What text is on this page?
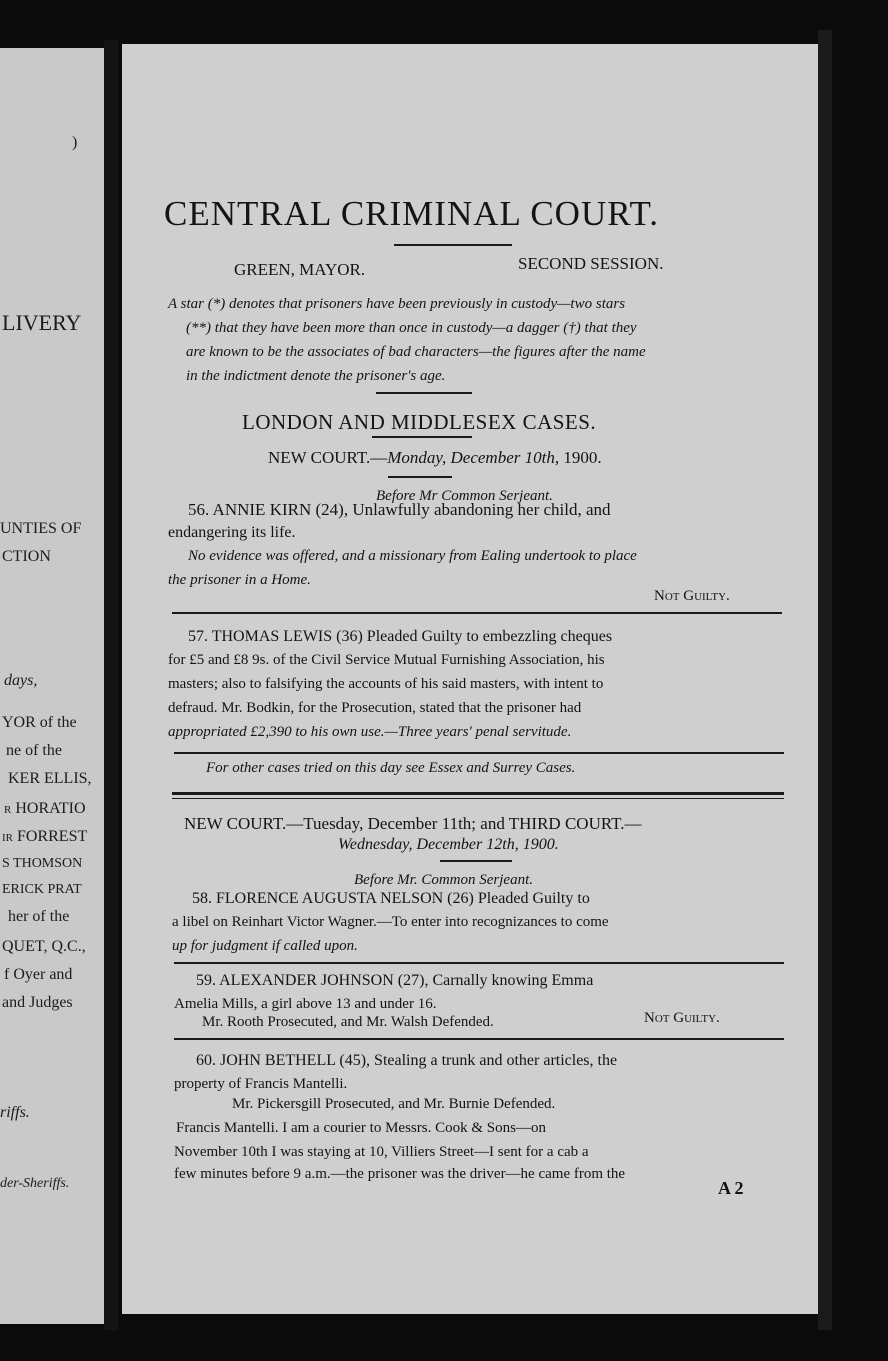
)
LIVERY
UNTIES OF
CTION
days,
YOR of the
ne of the
KER ELLIS,
r HORATIO
ir FORREST
S THOMSON
ERICK PRAT
her of the
QUET, Q.C.,
f Oyer and
and Judges
riffs.
der-Sheriffs.
CENTRAL CRIMINAL COURT.
GREEN, MAYOR.	SECOND SESSION.
A star (*) denotes that prisoners have been previously in custody—two stars
(**) that they have been more than once in custody—a dagger (†) that they
are known to be the associates of bad characters—the figures after the name
in the indictment denote the prisoner's age.
LONDON AND MIDDLESEX CASES.
NEW COURT.—Monday, December 10th, 1900.
Before Mr Common Serjeant.
56. ANNIE KIRN (24), Unlawfully abandoning her child, and
endangering its life.
No evidence was offered, and a missionary from Ealing undertook to place
the prisoner in a Home.
Not Guilty.
57. THOMAS LEWIS (36) Pleaded Guilty to embezzling cheques
for £5 and £8 9s. of the Civil Service Mutual Furnishing Association, his
masters; also to falsifying the accounts of his said masters, with intent to
defraud. Mr. Bodkin, for the Prosecution, stated that the prisoner had
appropriated £2,390 to his own use.—Three years' penal servitude.
For other cases tried on this day see Essex and Surrey Cases.
NEW COURT.—Tuesday, December 11th; and THIRD COURT.—
Wednesday, December 12th, 1900.
Before Mr. Common Serjeant.
58. FLORENCE AUGUSTA NELSON (26) Pleaded Guilty to
a libel on Reinhart Victor Wagner.—To enter into recognizances to come
up for judgment if called upon.
59. ALEXANDER JOHNSON (27), Carnally knowing Emma
Amelia Mills, a girl above 13 and under 16.
Mr. Rooth Prosecuted, and Mr. Walsh Defended.	Not Guilty.
60. JOHN BETHELL (45), Stealing a trunk and other articles, the
property of Francis Mantelli.
Mr. Pickersgill Prosecuted, and Mr. Burnie Defended.
Francis Mantelli. I am a courier to Messrs. Cook & Sons—on
November 10th I was staying at 10, Villiers Street—I sent for a cab a
few minutes before 9 a.m.—the prisoner was the driver—he came from the
A 2
